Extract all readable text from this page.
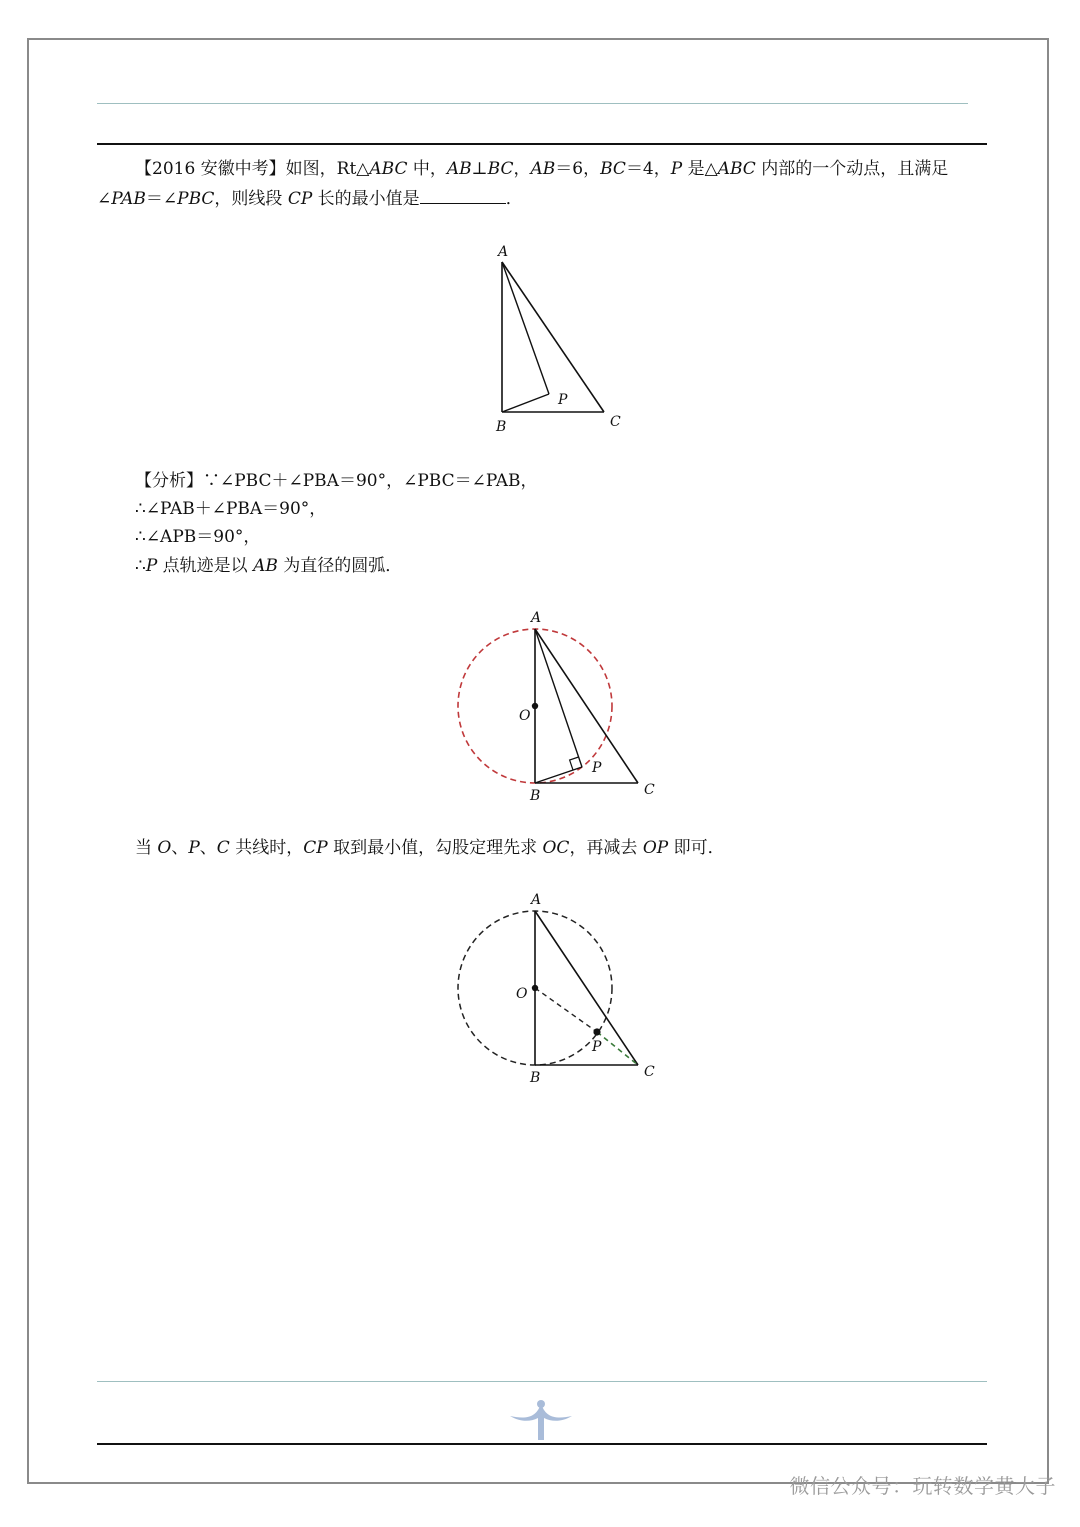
【2016 安徽中考】如图，Rt△ABC 中，AB⊥BC，AB＝6，BC＝4，P 是△ABC 内部的一个动点，且满足
∠PAB＝∠PBC，则线段 CP 长的最小值是	．
A
B	C
P
【分析】∵∠PBC＋∠PBA＝90°，∠PBC＝∠PAB，
∴∠PAB＋∠PBA＝90°，
∴∠APB＝90°，
∴P 点轨迹是以 AB 为直径的圆弧．
A
O
B	C
P
当 O、P、C 共线时，CP 取到最小值，勾股定理先求 OC，再减去 OP 即可．
A
O
P
B	C
微信公众号：玩转数学黄大子
